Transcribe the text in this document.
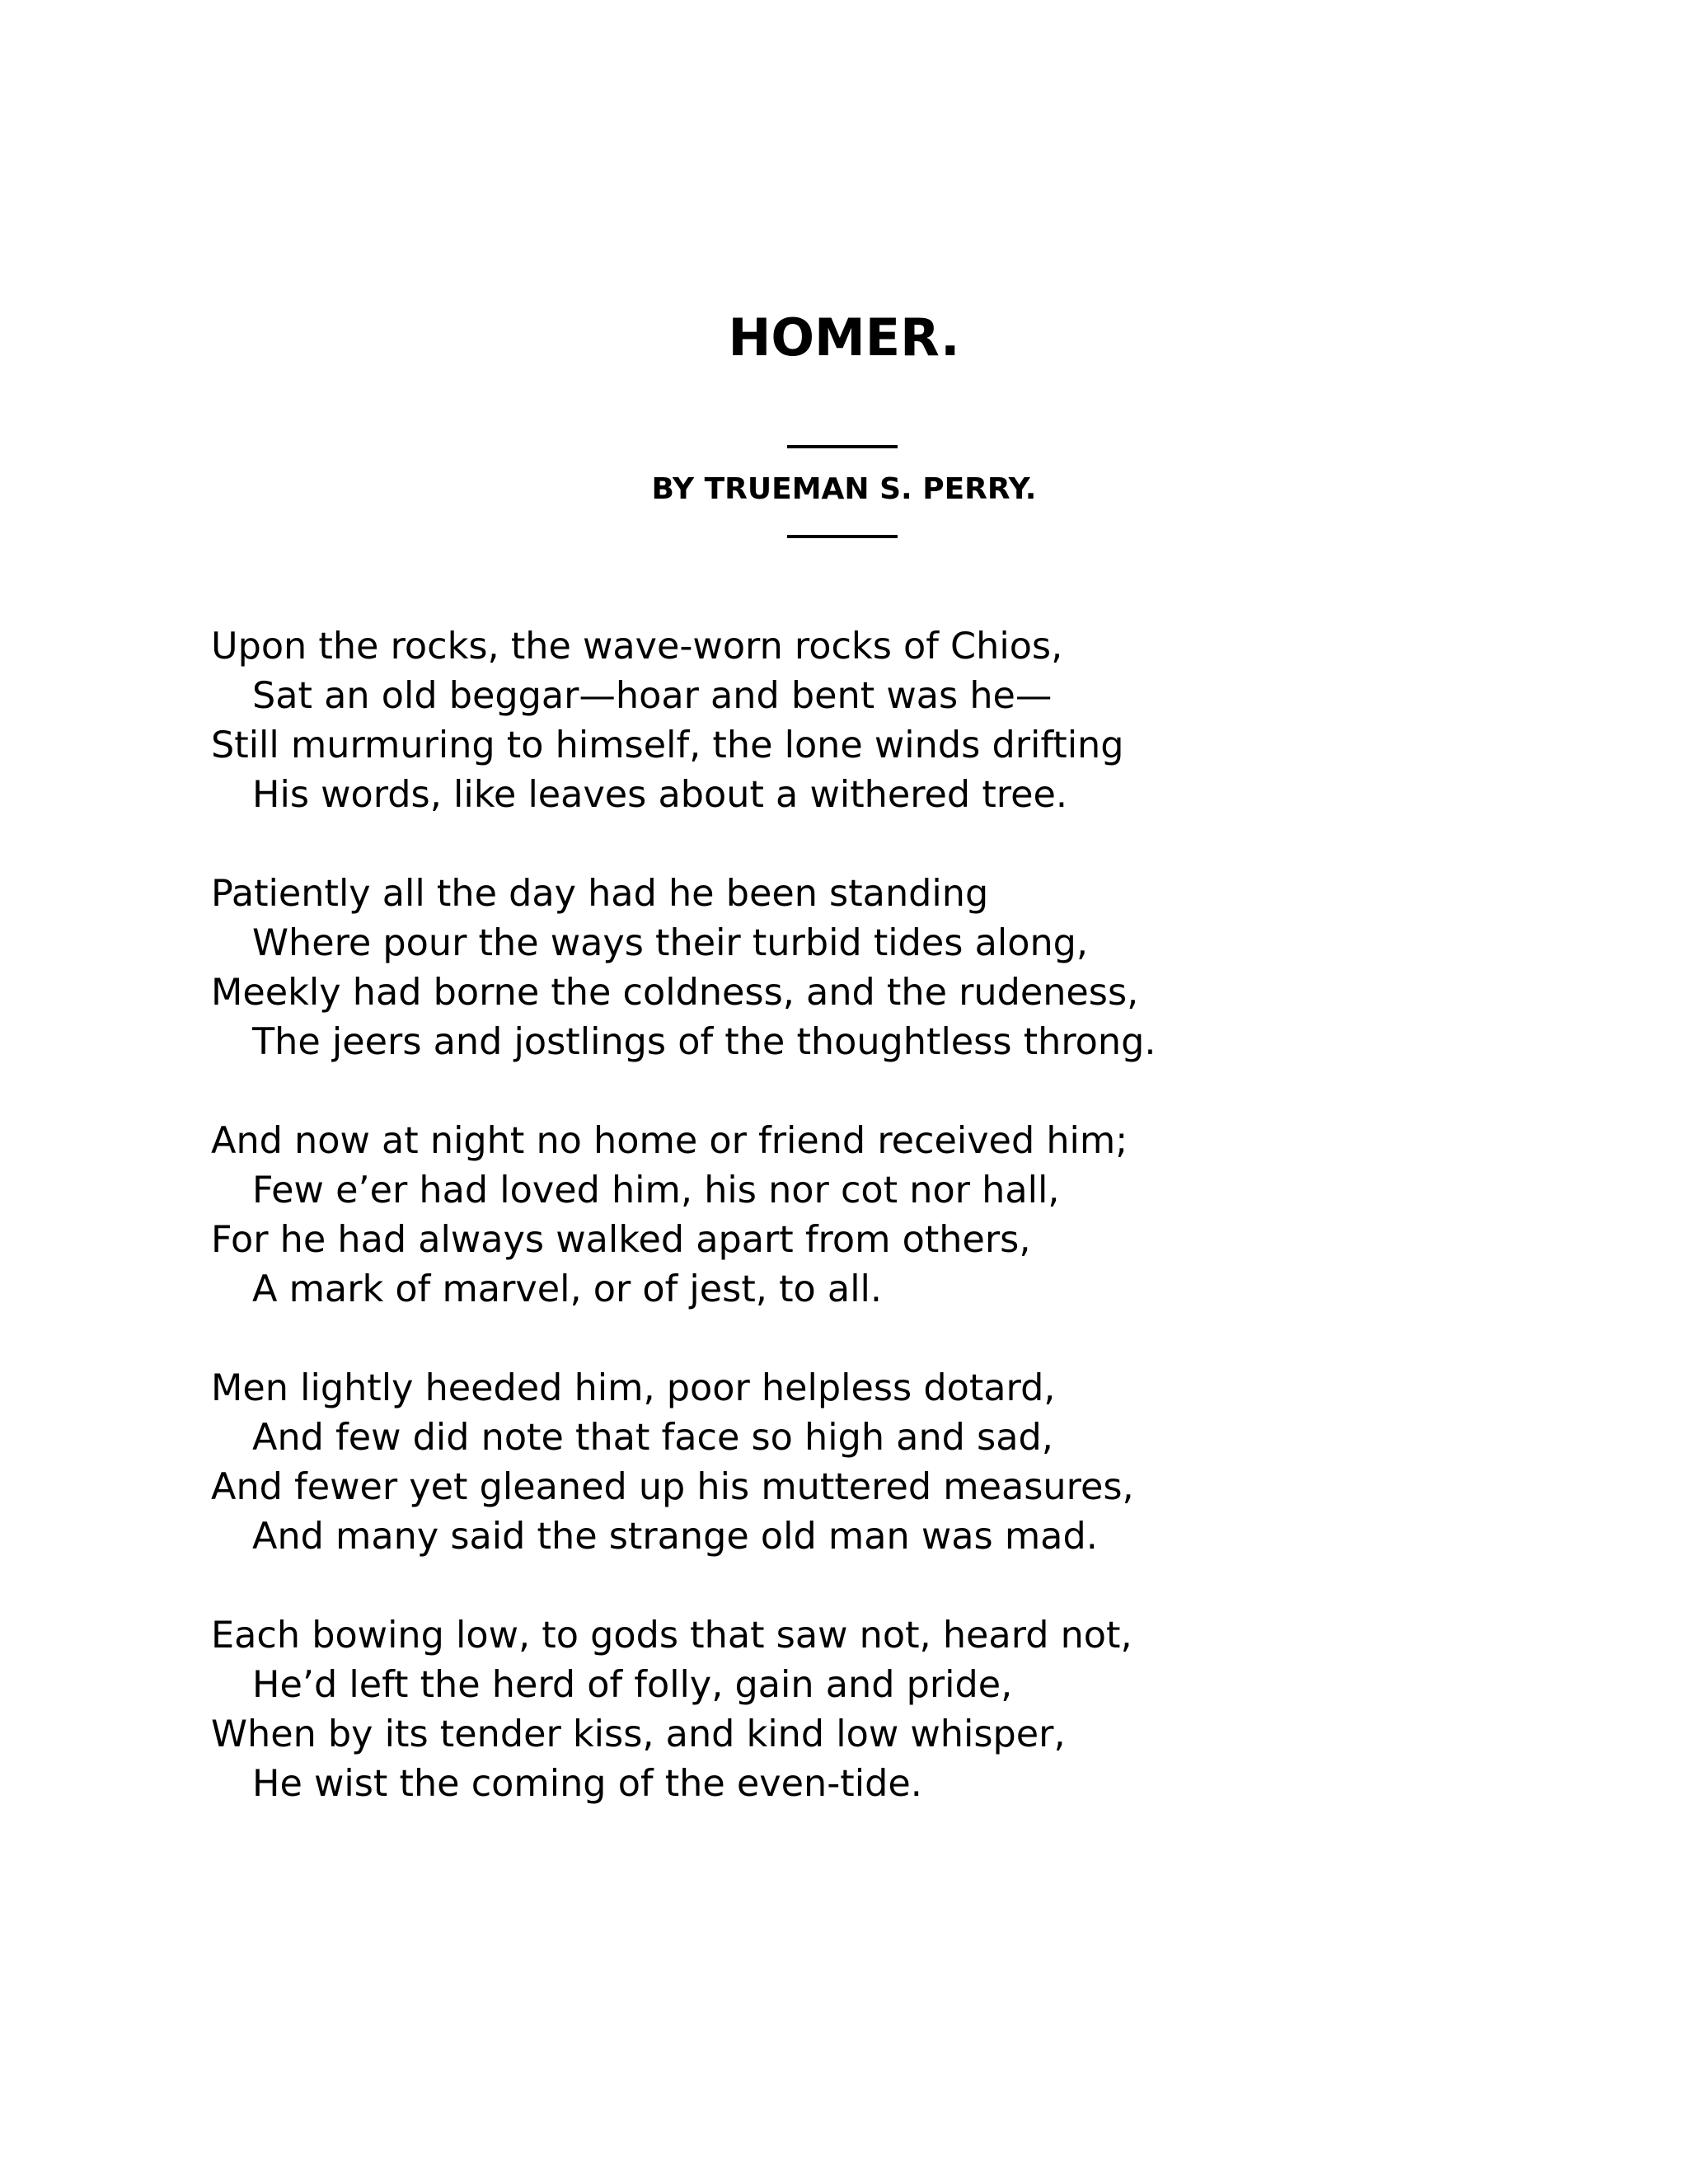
HOMER.
BY TRUEMAN S. PERRY.
Upon the rocks, the wave-worn rocks of Chios,
Sat an old beggar—hoar and bent was he—
Still murmuring to himself, the lone winds drifting
His words, like leaves about a withered tree.
Patiently all the day had he been standing
Where pour the ways their turbid tides along,
Meekly had borne the coldness, and the rudeness,
The jeers and jostlings of the thoughtless throng.
And now at night no home or friend received him;
Few e’er had loved him, his nor cot nor hall,
For he had always walked apart from others,
A mark of marvel, or of jest, to all.
Men lightly heeded him, poor helpless dotard,
And few did note that face so high and sad,
And fewer yet gleaned up his muttered measures,
And many said the strange old man was mad.
Each bowing low, to gods that saw not, heard not,
He’d left the herd of folly, gain and pride,
When by its tender kiss, and kind low whisper,
He wist the coming of the even-tide.
